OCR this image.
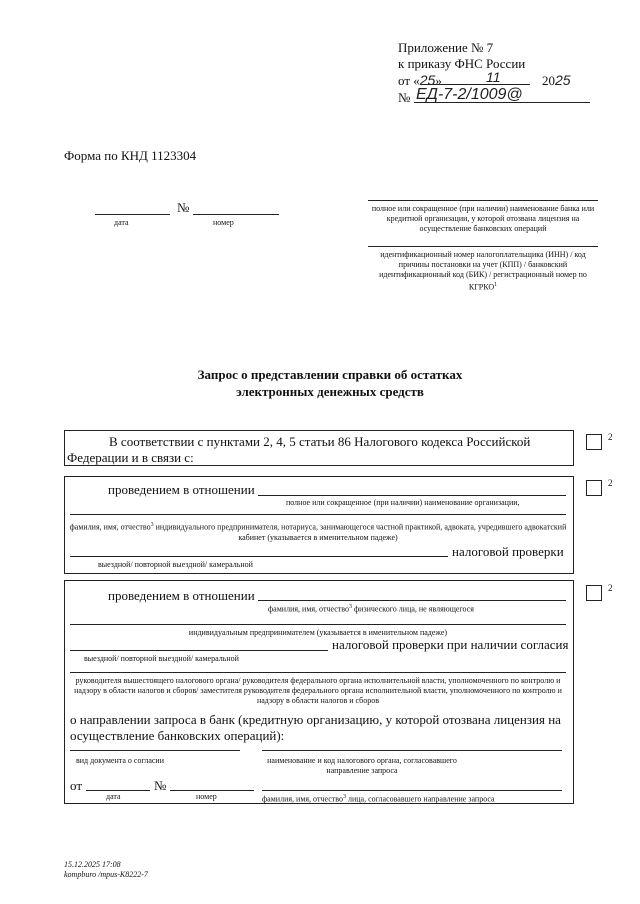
Приложение № 7
к приказу ФНС России
от «25»	11	2025
№ ЕД-7-2/1009@
Форма по КНД 1123304
№
дата	номер
полное или сокращенное (при наличии) наименование банка или кредитной организации, у которой отозвана лицензия на осуществление банковских операций
идентификационный номер налогоплательщика (ИНН) / код причины постановки на учет (КПП) / банковский идентификационный код (БИК) / регистрационный номер по КГРКО$^1$
Запрос о представлении справки об остатках
электронных денежных средств
В соответствии с пунктами 2, 4, 5 статьи 86 Налогового кодекса Российской
Федерации и в связи с:
2
2
проведением в отношении
полное или сокращенное (при наличии) наименование организации,
фамилия, имя, отчество$^3$ индивидуального предпринимателя, нотариуса, занимающегося частной практикой, адвоката, учредившего адвокатский кабинет (указывается в именительном падеже)
налоговой проверки
выездной/ повторной выездной/ камеральной
2
проведением в отношении
фамилия, имя, отчество$^3$ физического лица, не являющегося
индивидуальным предпринимателем (указывается в именительном падеже)
налоговой проверки при наличии согласия
выездной/ повторной выездной/ камеральной
руководителя вышестоящего налогового органа/ руководителя федерального органа исполнительной власти, уполномоченного по контролю и надзору в области налогов и сборов/ заместителя руководителя федерального органа исполнительной власти, уполномоченного по контролю и надзору в области налогов и сборов
о направлении запроса в банк (кредитную организацию, у которой отозвана лицензия на
осуществление банковских операций):
вид документа о согласии	наименование и код налогового органа, согласовавшего направление запроса
от	№
дата	номер	фамилия, имя, отчество$^3$ лица, согласовавшего направление запроса
15.12.2025 17:08
kompburo /mpus-K8222-7
